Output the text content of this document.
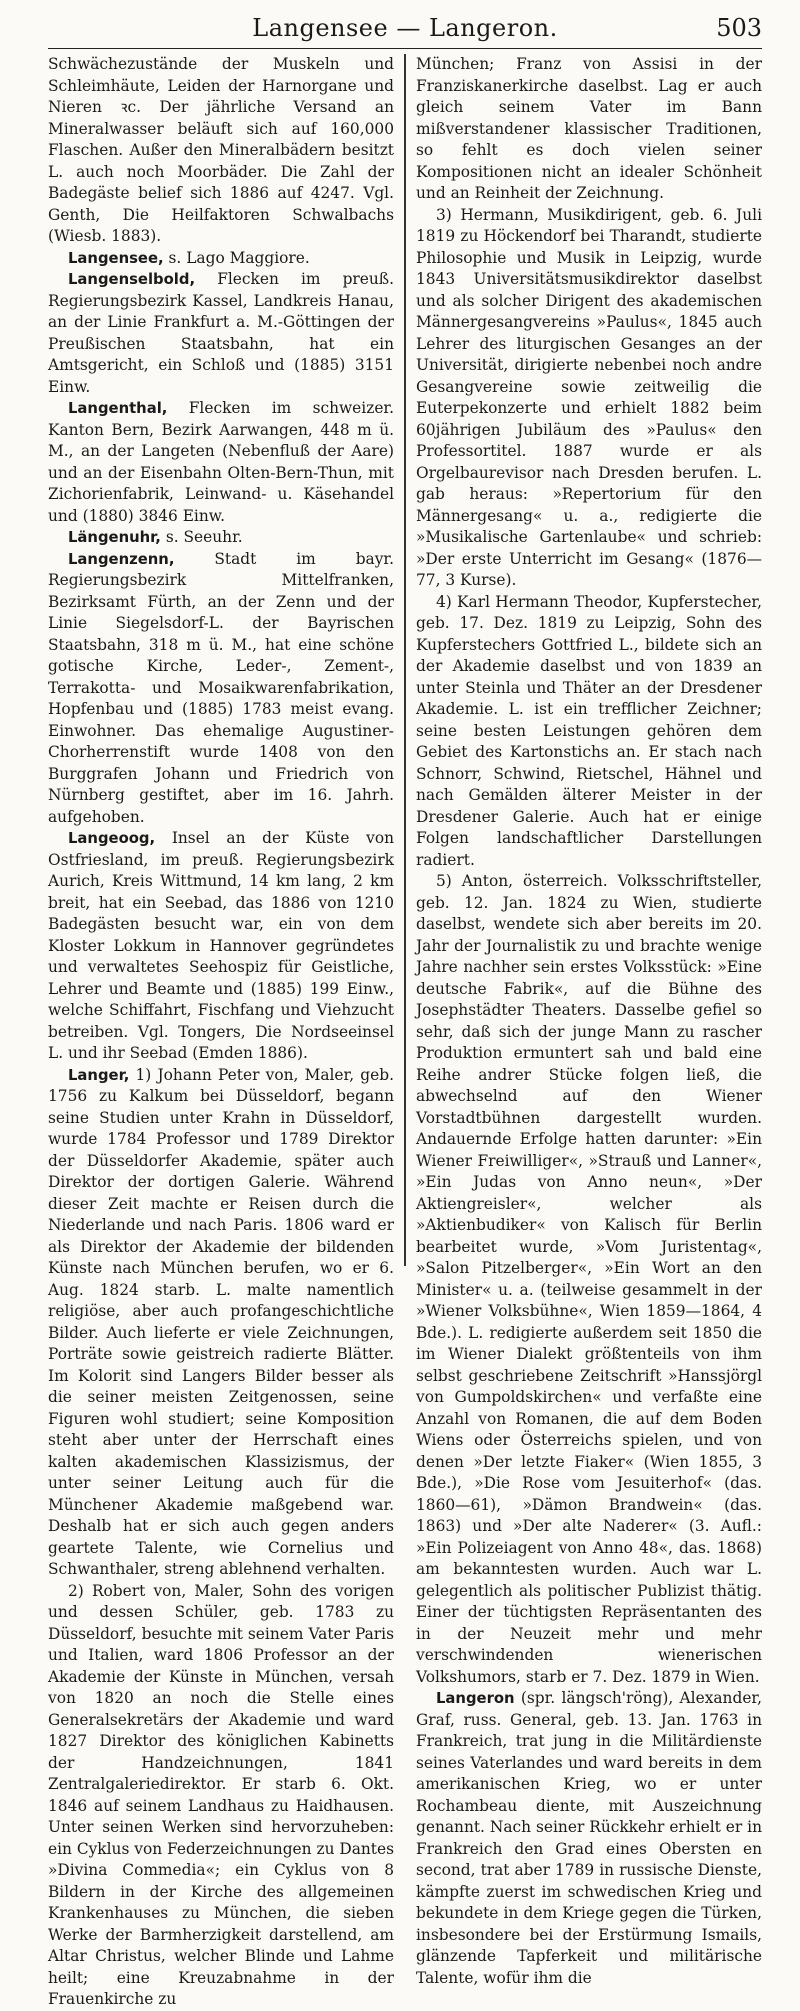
Langensee — Langeron.	503

Schwächezustände der Muskeln und Schleimhäute, Leiden der Harnorgane und Nieren ꝛc. Der jährliche Versand an Mineralwasser beläuft sich auf 160,000 Flaschen. Außer den Mineralbädern besitzt L. auch noch Moorbäder. Die Zahl der Badegäste belief sich 1886 auf 4247. Vgl. Genth, Die Heilfaktoren Schwalbachs (Wiesb. 1883).

Langensee, s. Lago Maggiore.

Langenselbold, Flecken im preuß. Regierungsbezirk Kassel, Landkreis Hanau, an der Linie Frankfurt a. M.-Göttingen der Preußischen Staatsbahn, hat ein Amtsgericht, ein Schloß und (1885) 3151 Einw.

Langenthal, Flecken im schweizer. Kanton Bern, Bezirk Aarwangen, 448 m ü. M., an der Langeten (Nebenfluß der Aare) und an der Eisenbahn Olten-Bern-Thun, mit Zichorienfabrik, Leinwand- u. Käsehandel und (1880) 3846 Einw.

Längenuhr, s. Seeuhr.

Langenzenn,	Stadt im bayr. Regierungsbezirk Mittelfranken, Bezirksamt Fürth, an der Zenn und der Linie Siegelsdorf-L. der Bayrischen Staatsbahn, 318 m ü. M., hat eine schöne gotische Kirche, Leder-, Zement-, Terrakotta- und Mosaikwarenfabrikation, Hopfenbau und (1885) 1783 meist evang. Einwohner. Das ehemalige Augustiner-Chorherrenstift wurde 1408 von den Burggrafen Johann und Friedrich von Nürnberg gestiftet, aber im 16. Jahrh. aufgehoben.

Langeoog, Insel an der Küste von Ostfriesland, im preuß. Regierungsbezirk Aurich, Kreis Wittmund, 14 km lang, 2 km breit, hat ein Seebad, das 1886 von 1210 Badegästen besucht war, ein von dem Kloster Lokkum in Hannover gegründetes und verwaltetes Seehospiz für Geistliche, Lehrer und Beamte und (1885) 199 Einw., welche Schiffahrt, Fischfang und Viehzucht betreiben. Vgl. Tongers, Die Nordseeinsel L. und ihr Seebad (Emden 1886).

Langer, 1) Johann Peter von, Maler, geb. 1756 zu Kalkum bei Düsseldorf, begann seine Studien unter Krahn in Düsseldorf, wurde 1784 Professor und 1789 Direktor der Düsseldorfer Akademie, später auch Direktor der dortigen Galerie. Während dieser Zeit machte er Reisen durch die Niederlande und nach Paris. 1806 ward er als Direktor der Akademie der bildenden Künste nach München berufen, wo er 6. Aug. 1824 starb. L. malte namentlich religiöse, aber auch profangeschichtliche Bilder. Auch lieferte er viele Zeichnungen, Porträte sowie geistreich radierte Blätter. Im Kolorit sind Langers Bilder besser als die seiner meisten Zeitgenossen, seine Figuren wohl studiert; seine Komposition steht aber unter der Herrschaft eines kalten akademischen Klassizismus, der unter seiner Leitung auch für die Münchener Akademie maßgebend war. Deshalb hat er sich auch gegen anders geartete Talente, wie Cornelius und Schwanthaler, streng ablehnend verhalten.

2) Robert von, Maler, Sohn des vorigen und dessen Schüler, geb. 1783 zu Düsseldorf, besuchte mit seinem Vater Paris und Italien, ward 1806 Professor an der Akademie der Künste in München, versah von 1820 an noch die Stelle eines Generalsekretärs der Akademie und ward 1827 Direktor des königlichen Kabinetts der Handzeichnungen, 1841 Zentralgaleriedirektor. Er starb 6. Okt. 1846 auf seinem Landhaus zu Haidhausen. Unter seinen Werken sind hervorzuheben: ein Cyklus von Federzeichnungen zu Dantes »Divina Commedia«; ein Cyklus von 8 Bildern in der Kirche des allgemeinen Krankenhauses zu München, die sieben Werke der Barmherzigkeit darstellend, am Altar Christus, welcher Blinde und Lahme heilt; eine Kreuzabnahme in der Frauenkirche zu

München; Franz von Assisi in der Franziskanerkirche daselbst. Lag er auch gleich seinem Vater im Bann mißverstandener klassischer Traditionen, so fehlt es doch vielen seiner Kompositionen nicht an idealer Schönheit und an Reinheit der Zeichnung.

3) Hermann, Musikdirigent, geb. 6. Juli 1819 zu Höckendorf bei Tharandt, studierte Philosophie und Musik in Leipzig, wurde 1843 Universitätsmusikdirektor daselbst und als solcher Dirigent des akademischen Männergesangvereins »Paulus«, 1845 auch Lehrer des liturgischen Gesanges an der Universität, dirigierte nebenbei noch andre Gesangvereine sowie zeitweilig die Euterpekonzerte und erhielt 1882 beim 60jährigen Jubiläum des »Paulus« den Professortitel. 1887 wurde er als Orgelbaurevisor nach Dresden berufen. L. gab heraus: »Repertorium für den Männergesang« u. a., redigierte die »Musikalische Gartenlaube« und schrieb: »Der erste Unterricht im Gesang« (1876—77, 3 Kurse).

4) Karl Hermann Theodor, Kupferstecher, geb. 17. Dez. 1819 zu Leipzig, Sohn des Kupferstechers Gottfried L., bildete sich an der Akademie daselbst und von 1839 an unter Steinla und Thäter an der Dresdener Akademie. L. ist ein trefflicher Zeichner; seine besten Leistungen gehören dem Gebiet des Kartonstichs an. Er stach nach Schnorr, Schwind, Rietschel, Hähnel und nach Gemälden älterer Meister in der Dresdener Galerie. Auch hat er einige Folgen landschaftlicher Darstellungen radiert.

5) Anton, österreich. Volksschriftsteller, geb. 12. Jan. 1824 zu Wien, studierte daselbst, wendete sich aber bereits im 20. Jahr der Journalistik zu und brachte wenige Jahre nachher sein erstes Volksstück: »Eine deutsche Fabrik«, auf die Bühne des Josephstädter Theaters. Dasselbe gefiel so sehr, daß sich der junge Mann zu rascher Produktion ermuntert sah und bald eine Reihe andrer Stücke folgen ließ, die abwechselnd auf den Wiener Vorstadtbühnen dargestellt wurden. Andauernde Erfolge hatten darunter: »Ein Wiener Freiwilliger«, »Strauß und Lanner«, »Ein Judas von Anno neun«, »Der Aktiengreisler«, welcher als »Aktienbudiker« von Kalisch für Berlin bearbeitet wurde, »Vom Juristentag«, »Salon Pitzelberger«, »Ein Wort an den Minister« u. a. (teilweise gesammelt in der »Wiener Volksbühne«, Wien 1859—1864, 4 Bde.). L. redigierte außerdem seit 1850 die im Wiener Dialekt größtenteils von ihm selbst geschriebene Zeitschrift »Hanssjörgl von Gumpoldskirchen« und verfaßte eine Anzahl von Romanen, die auf dem Boden Wiens oder Österreichs spielen, und von denen »Der letzte Fiaker« (Wien 1855, 3 Bde.), »Die Rose vom Jesuiterhof« (das. 1860—61), »Dämon Brandwein« (das. 1863) und »Der alte Naderer« (3. Aufl.: »Ein Polizeiagent von Anno 48«, das. 1868) am bekanntesten wurden. Auch war L. gelegentlich als politischer Publizist thätig. Einer der tüchtigsten Repräsentanten des in der Neuzeit mehr und mehr verschwindenden wienerischen Volkshumors, starb er 7. Dez. 1879 in Wien.

Langeron (spr. längsch'röng), Alexander, Graf, russ. General, geb. 13. Jan. 1763 in Frankreich, trat jung in die Militärdienste seines Vaterlandes und ward bereits in dem amerikanischen Krieg, wo er unter Rochambeau diente, mit Auszeichnung genannt. Nach seiner Rückkehr erhielt er in Frankreich den Grad eines Obersten en second, trat aber 1789 in russische Dienste, kämpfte zuerst im schwedischen Krieg und bekundete in dem Kriege gegen die Türken, insbesondere bei der Erstürmung Ismails, glänzende Tapferkeit und militärische Talente, wofür ihm die
